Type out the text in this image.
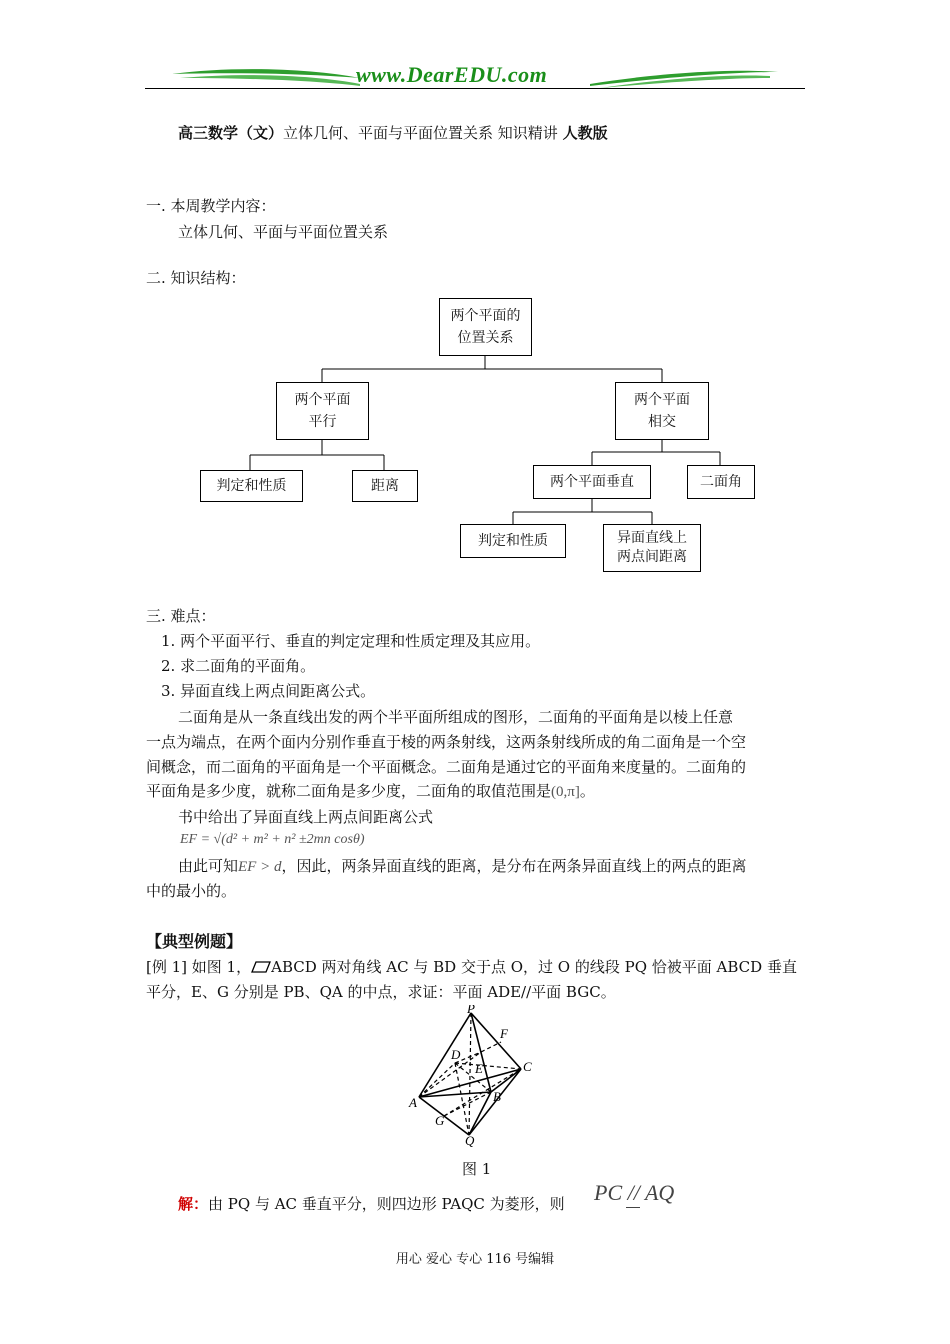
www.DearEDU.com
高三数学（文）立体几何、平面与平面位置关系 知识精讲 人教版
一. 本周教学内容：
立体几何、平面与平面位置关系
二. 知识结构：
两个平面的
位置关系
两个平面
平行
两个平面
相交
判定和性质	距离	两个平面垂直	二面角
判定和性质	异面直线上
两点间距离
三. 难点：
1. 两个平面平行、垂直的判定定理和性质定理及其应用。
2. 求二面角的平面角。
3. 异面直线上两点间距离公式。
二面角是从一条直线出发的两个半平面所组成的图形，二面角的平面角是以棱上任意
一点为端点，在两个面内分别作垂直于棱的两条射线，这两条射线所成的角二面角是一个空
间概念，而二面角的平面角是一个平面概念。二面角是通过它的平面角来度量的。二面角的
平面角是多少度，就称二面角是多少度，二面角的取值范围是(0,π]。
书中给出了异面直线上两点间距离公式
EF = √(d² + m² + n² ±2mn cosθ)
由此可知EF > d，因此，两条异面直线的距离，是分布在两条异面直线上的两点的距离
中的最小的。
【典型例题】
[例 1] 如图 1， ABCD 两对角线 AC 与 BD 交于点 O，过 O 的线段 PQ 恰被平面 ABCD 垂直
平分，E、G 分别是 PB、QA 的中点，求证：平面 ADE//平面 BGC。
P
F
D
C
E
A	B
G
Q
图 1
解：由 PQ 与 AC 垂直平分，则四边形 PAQC 为菱形，则 PC // AQ
用心 爱心 专心 116 号编辑
